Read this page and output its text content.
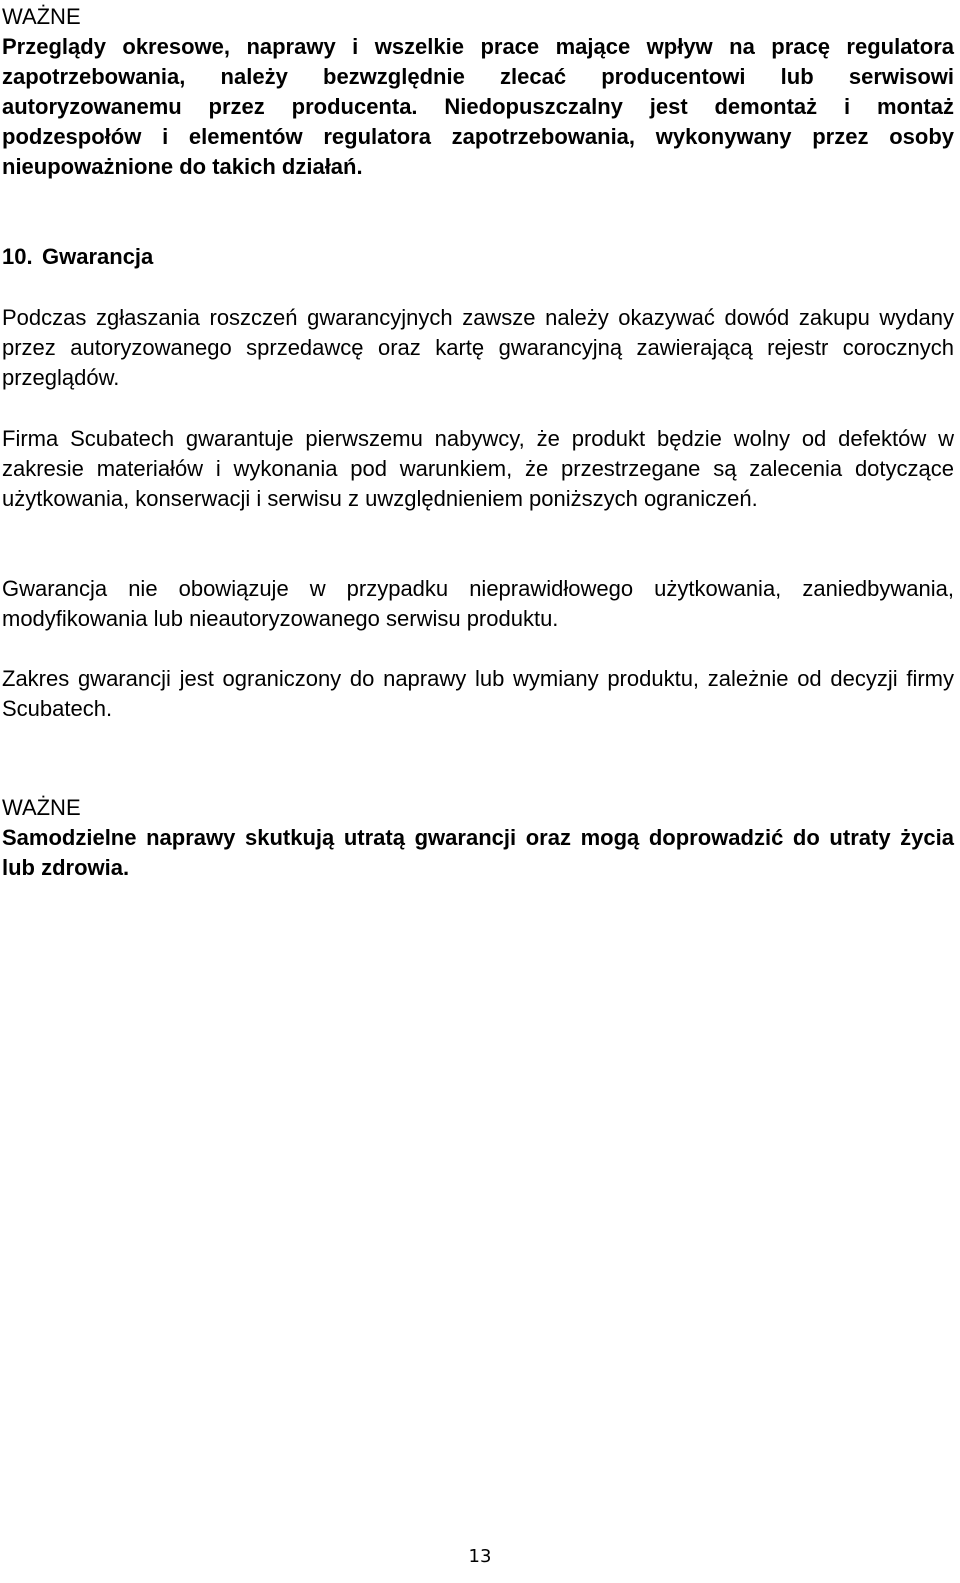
WAŻNE

Przeglądy okresowe, naprawy i wszelkie prace mające wpływ na pracę regulatora zapotrzebowania, należy bezwzględnie zlecać producentowi lub serwisowi autoryzowanemu przez producenta. Niedopuszczalny jest demontaż i montaż podzespołów i elementów regulatora zapotrzebowania, wykonywany przez osoby nieupoważnione do takich działań.

10. Gwarancja

Podczas zgłaszania roszczeń gwarancyjnych zawsze należy okazywać dowód zakupu wydany przez autoryzowanego sprzedawcę oraz kartę gwarancyjną zawierającą rejestr corocznych przeglądów.

Firma Scubatech gwarantuje pierwszemu nabywcy, że produkt będzie wolny od defektów w zakresie materiałów i wykonania pod warunkiem, że przestrzegane są zalecenia dotyczące użytkowania, konserwacji i serwisu z uwzględnieniem poniższych ograniczeń.

Gwarancja nie obowiązuje w przypadku nieprawidłowego użytkowania, zaniedbywania, modyfikowania lub nieautoryzowanego serwisu produktu.

Zakres gwarancji jest ograniczony do naprawy lub wymiany produktu, zależnie od decyzji firmy Scubatech.

WAŻNE

Samodzielne naprawy skutkują utratą gwarancji oraz mogą doprowadzić do utraty życia lub zdrowia.

13
